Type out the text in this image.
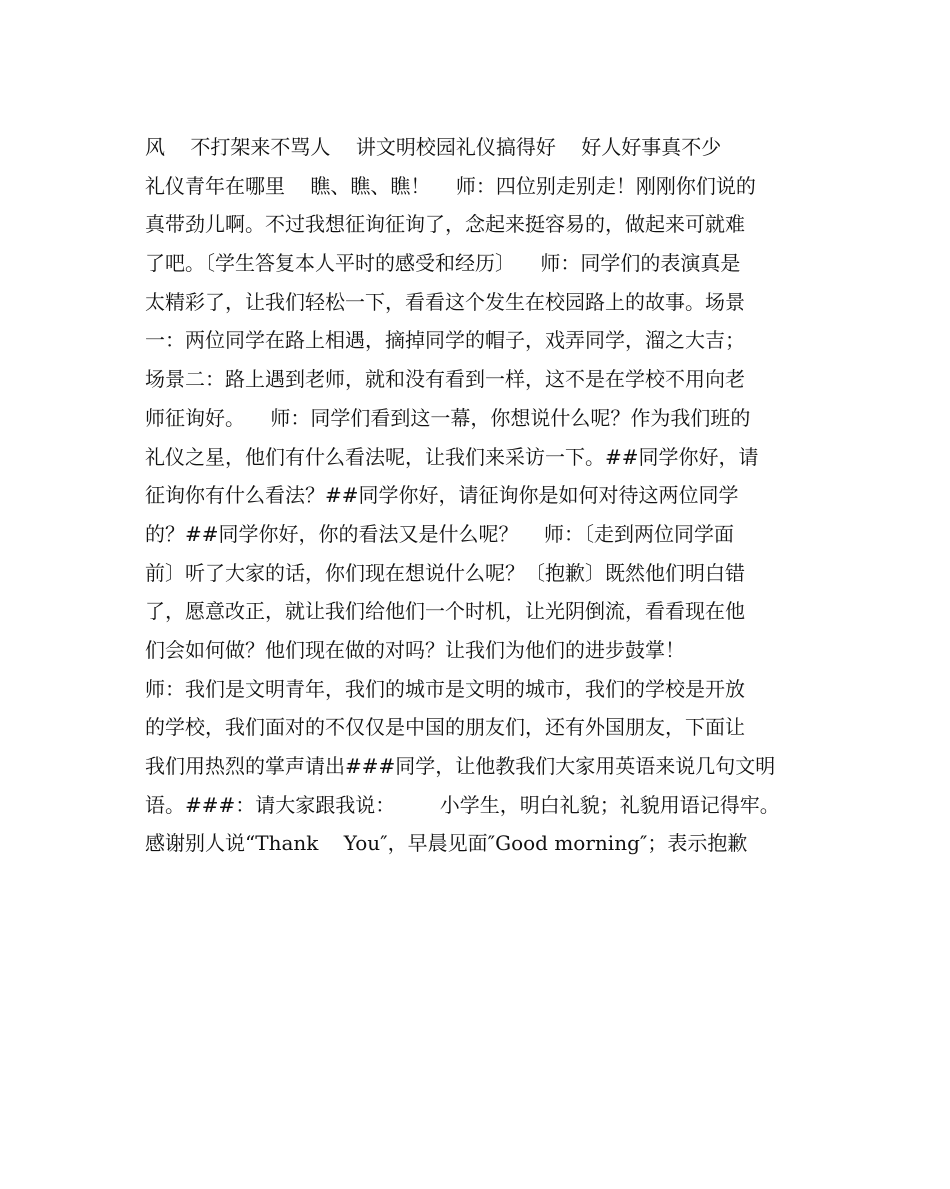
风    不打架来不骂人    讲文明校园礼仪搞得好    好人好事真不少
礼仪青年在哪里    瞧、瞧、瞧！    师：四位别走别走！刚刚你们说的
真带劲儿啊。不过我想征询征询了，念起来挺容易的，做起来可就难
了吧。〔学生答复本人平时的感受和经历〕    师：同学们的表演真是
太精彩了，让我们轻松一下，看看这个发生在校园路上的故事。场景
一：两位同学在路上相遇，摘掉同学的帽子，戏弄同学，溜之大吉；
场景二：路上遇到老师，就和没有看到一样，这不是在学校不用向老
师征询好。    师：同学们看到这一幕，你想说什么呢？作为我们班的
礼仪之星，他们有什么看法呢，让我们来采访一下。##同学你好，请
征询你有什么看法？##同学你好，请征询你是如何对待这两位同学
的？##同学你好，你的看法又是什么呢？    师：〔走到两位同学面
前〕听了大家的话，你们现在想说什么呢？〔抱歉〕既然他们明白错
了，愿意改正，就让我们给他们一个时机，让光阴倒流，看看现在他
们会如何做？他们现在做的对吗？让我们为他们的进步鼓掌！
师：我们是文明青年，我们的城市是文明的城市，我们的学校是开放
的学校，我们面对的不仅仅是中国的朋友们，还有外国朋友，下面让
我们用热烈的掌声请出###同学，让他教我们大家用英语来说几句文明
语。###：请大家跟我说：       小学生，明白礼貌；礼貌用语记得牢。
感谢别人说“Thank    You″，早晨见面″Good morning″；表示抱歉
